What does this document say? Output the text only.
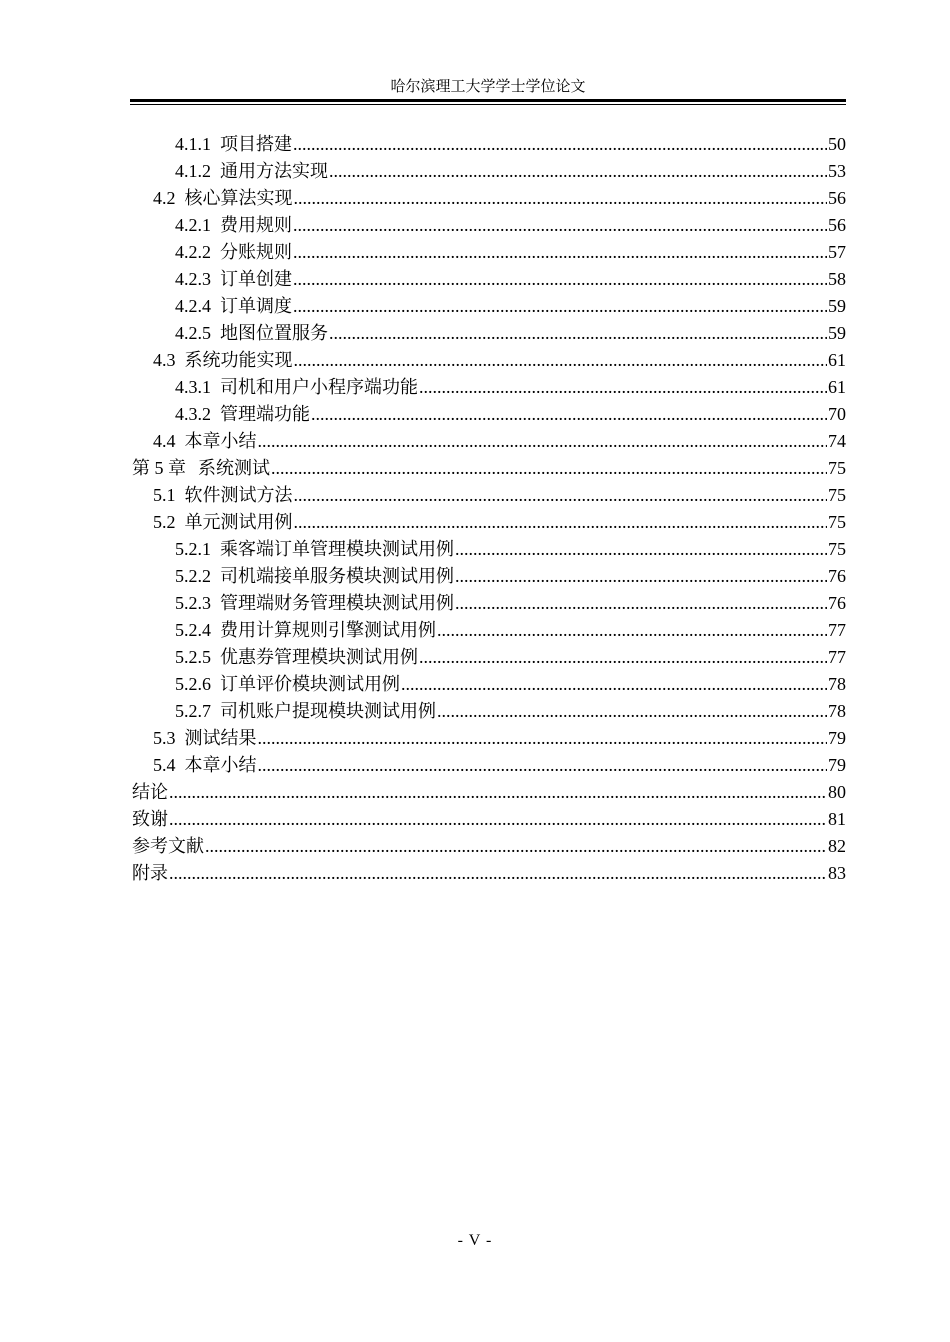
哈尔滨理工大学学士学位论文
4.1.1 项目搭建 .....	50
4.1.2 通用方法实现 .....	53
4.2 核心算法实现 .....	56
4.2.1 费用规则 .....	56
4.2.2 分账规则 .....	57
4.2.3 订单创建 .....	58
4.2.4 订单调度 .....	59
4.2.5 地图位置服务 .....	59
4.3 系统功能实现 .....	61
4.3.1 司机和用户小程序端功能 .....	61
4.3.2 管理端功能 .....	70
4.4 本章小结 .....	74
第 5 章 系统测试 .....	75
5.1 软件测试方法 .....	75
5.2 单元测试用例 .....	75
5.2.1 乘客端订单管理模块测试用例 .....	75
5.2.2 司机端接单服务模块测试用例 .....	76
5.2.3 管理端财务管理模块测试用例 .....	76
5.2.4 费用计算规则引擎测试用例 .....	77
5.2.5 优惠券管理模块测试用例 .....	77
5.2.6 订单评价模块测试用例 .....	78
5.2.7 司机账户提现模块测试用例 .....	78
5.3 测试结果 .....	79
5.4 本章小结 .....	79
结论 .....	80
致谢 .....	81
参考文献 .....	82
附录 .....	83
- V -
